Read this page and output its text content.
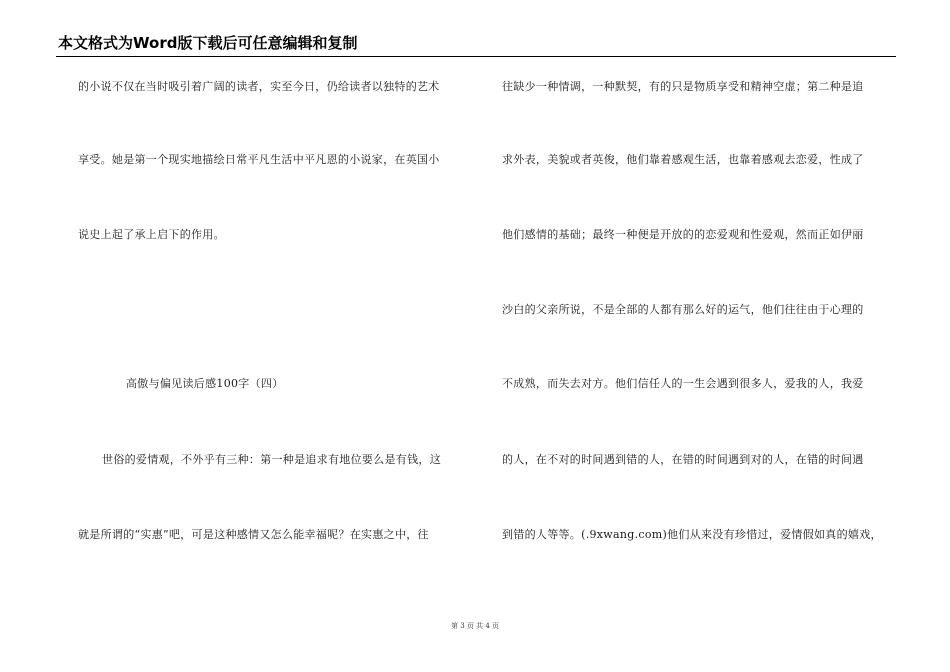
本文格式为Word版下载后可任意编辑和复制
的小说不仅在当时吸引着广阔的读者，实至今日，仍给读者以独特的艺术
享受。她是第一个现实地描绘日常平凡生活中平凡恩的小说家，在英国小
说史上起了承上启下的作用。
高傲与偏见读后感100字（四）
世俗的爱情观，不外乎有三种：第一种是追求有地位要么是有钱，这
就是所谓的“实惠”吧，可是这种感情又怎么能幸福呢？在实惠之中，往
往缺少一种情调，一种默契，有的只是物质享受和精神空虚；第二种是追
求外表，美貌或者英俊，他们靠着感观生活，也靠着感观去恋爱，性成了
他们感情的基础；最终一种便是开放的的恋爱观和性爱观，然而正如伊丽
沙白的父亲所说，不是全部的人都有那么好的运气，他们往往由于心理的
不成熟，而失去对方。他们信任人的一生会遇到很多人，爱我的人，我爱
的人，在不对的时间遇到错的人，在错的时间遇到对的人，在错的时间遇
到错的人等等。(.9xwang.com)他们从来没有珍惜过，爱情假如真的嬉戏，
第 3 页 共 4 页
